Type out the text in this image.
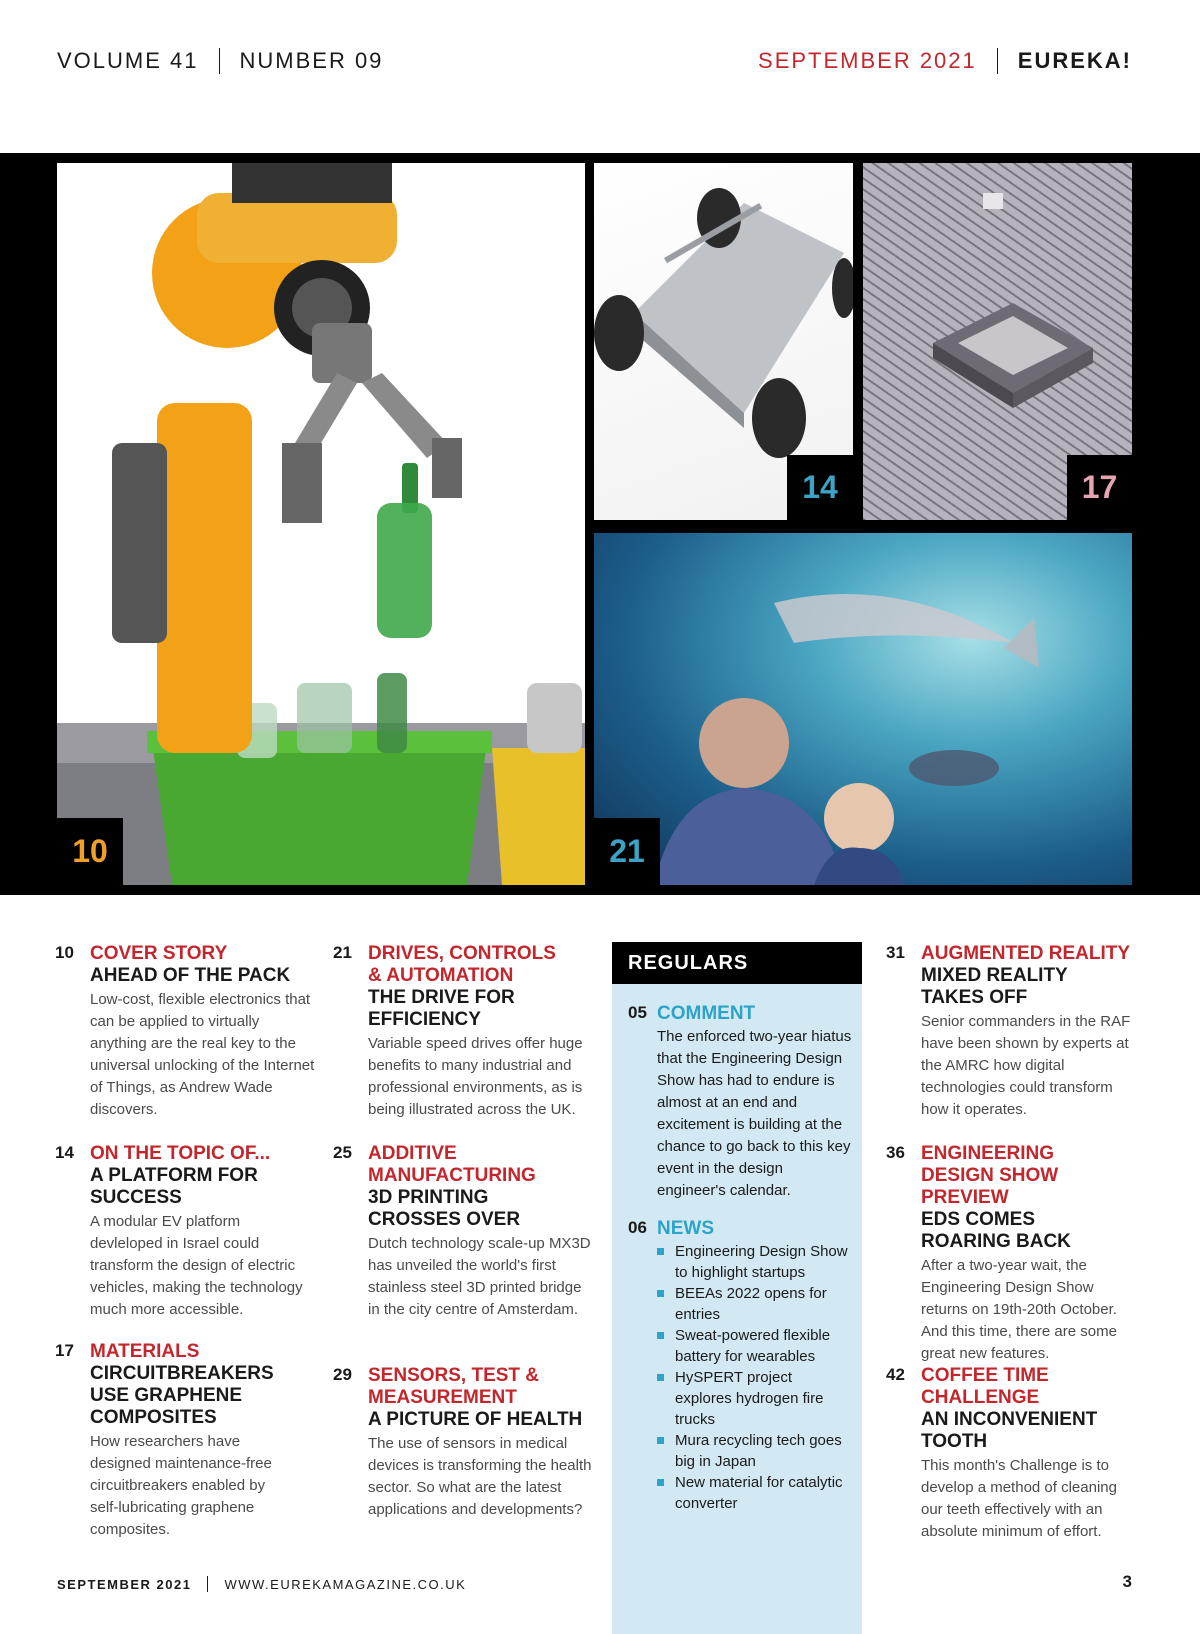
VOLUME 41 NUMBER 09	SEPTEMBER 2021 EUREKA!
10
14	17
21
10 COVER STORY
AHEAD OF THE PACK
Low-cost, flexible electronics that can be applied to virtually anything are the real key to the universal unlocking of the Internet of Things, as Andrew Wade discovers.
14 ON THE TOPIC OF...
A PLATFORM FOR SUCCESS
A modular EV platform devleloped in Israel could transform the design of electric vehicles, making the technology much more accessible.
17 MATERIALS
CIRCUITBREAKERS USE GRAPHENE COMPOSITES
How researchers have designed maintenance-free circuitbreakers enabled by self-lubricating graphene composites.
21 DRIVES, CONTROLS & AUTOMATION
THE DRIVE FOR EFFICIENCY
Variable speed drives offer huge benefits to many industrial and professional environments, as is being illustrated across the UK.
25 ADDITIVE MANUFACTURING
3D PRINTING CROSSES OVER
Dutch technology scale-up MX3D has unveiled the world's first stainless steel 3D printed bridge in the city centre of Amsterdam.
29 SENSORS, TEST & MEASUREMENT
A PICTURE OF HEALTH
The use of sensors in medical devices is transforming the health sector. So what are the latest applications and developments?
REGULARS
05 COMMENT
The enforced two-year hiatus that the Engineering Design Show has had to endure is almost at an end and excitement is building at the chance to go back to this key event in the design engineer's calendar.
06 NEWS
Engineering Design Show to highlight startups
BEEAs 2022 opens for entries
Sweat-powered flexible battery for wearables
HySPERT project explores hydrogen fire trucks
Mura recycling tech goes big in Japan
New material for catalytic converter
31 AUGMENTED REALITY
MIXED REALITY TAKES OFF
Senior commanders in the RAF have been shown by experts at the AMRC how digital technologies could transform how it operates.
36 ENGINEERING DESIGN SHOW PREVIEW
EDS COMES ROARING BACK
After a two-year wait, the Engineering Design Show returns on 19th-20th October. And this time, there are some great new features.
42 COFFEE TIME CHALLENGE
AN INCONVENIENT TOOTH
This month's Challenge is to develop a method of cleaning our teeth effectively with an absolute minimum of effort.
SEPTEMBER 2021	WWW.EUREKAMAGAZINE.CO.UK	3
